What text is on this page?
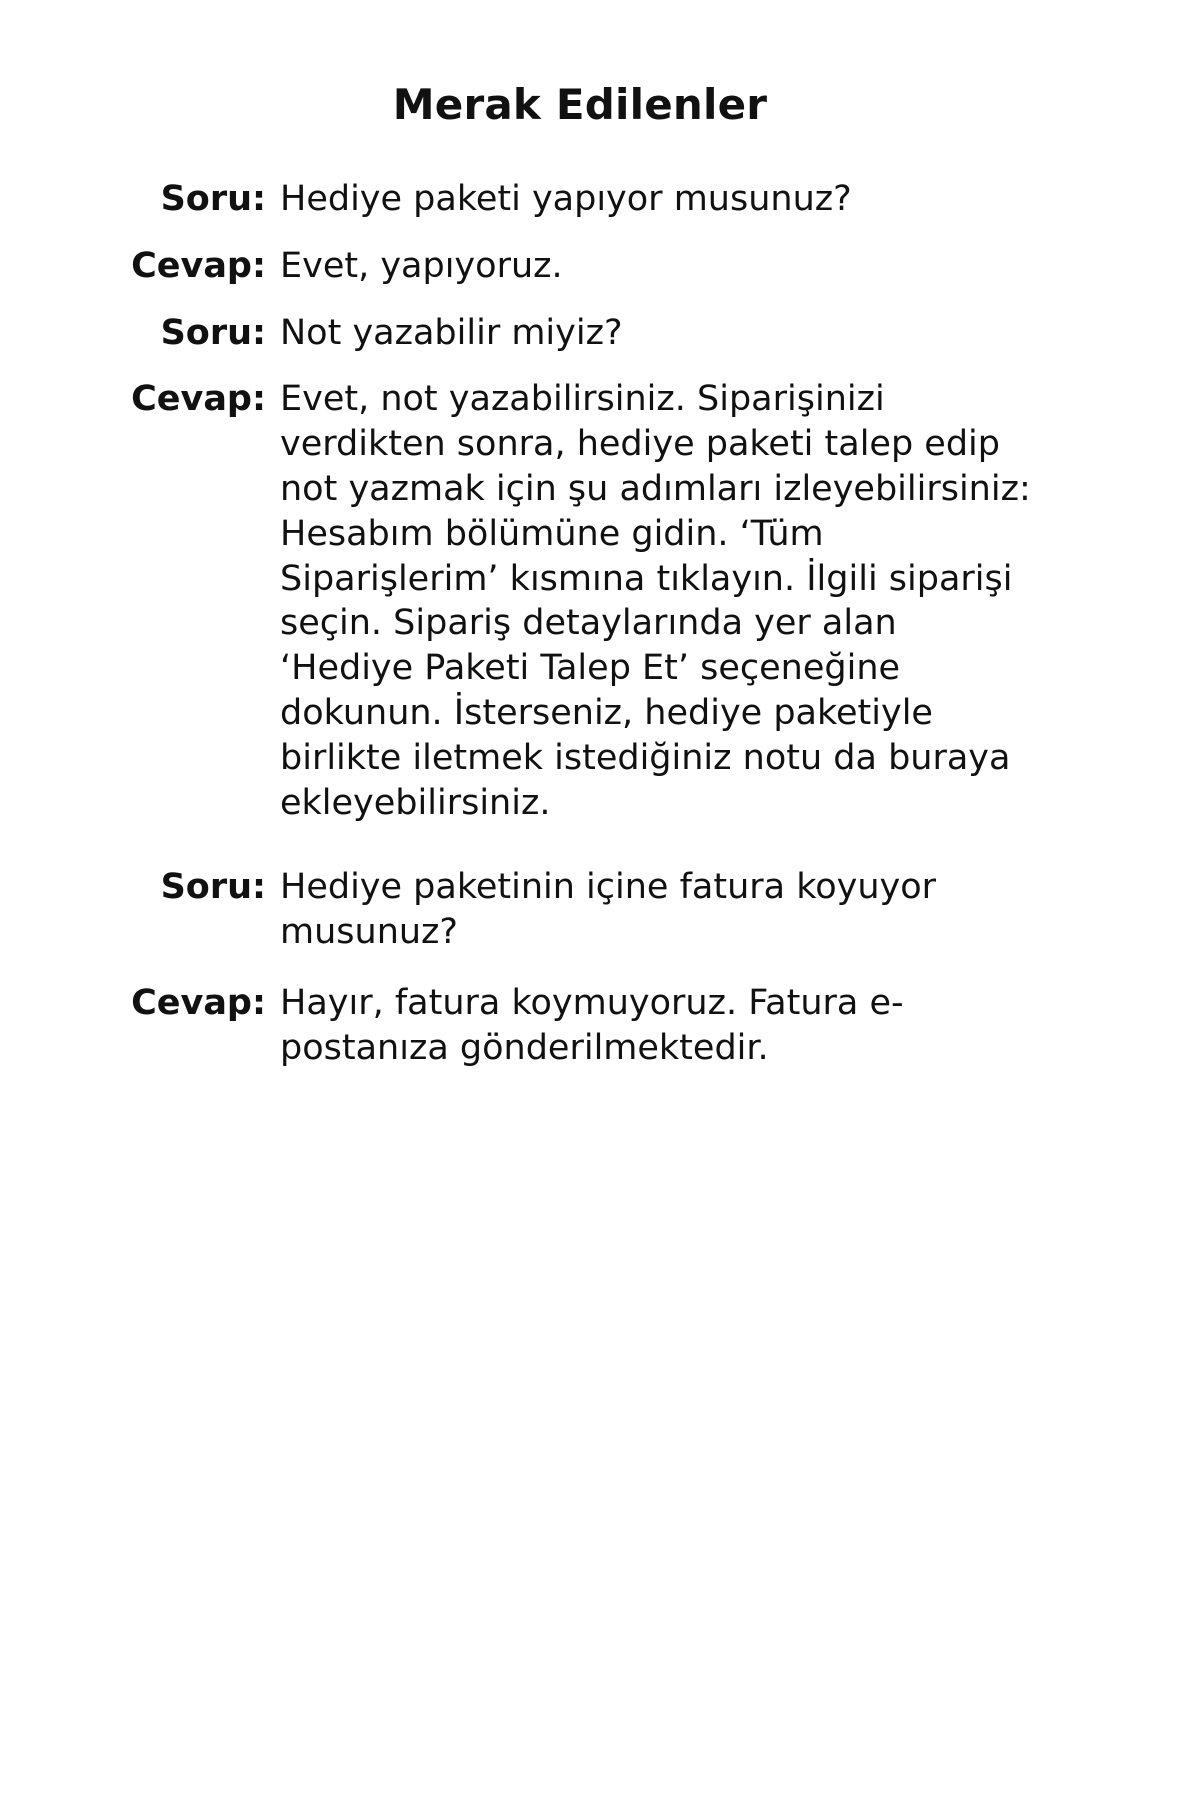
Merak Edilenler
Soru: Hediye paketi yapıyor musunuz?
Cevap: Evet, yapıyoruz.
Soru: Not yazabilir miyiz?
Cevap: Evet, not yazabilirsiniz. Siparişinizi verdikten sonra, hediye paketi talep edip not yazmak için şu adımları izleyebilirsiniz: Hesabım bölümüne gidin. ‘Tüm Siparişlerim’ kısmına tıklayın. İlgili siparişi seçin. Sipariş detaylarında yer alan ‘Hediye Paketi Talep Et’ seçeneğine dokunun. İsterseniz, hediye paketiyle birlikte iletmek istediğiniz notu da buraya ekleyebilirsiniz.
Soru: Hediye paketinin içine fatura koyuyor musunuz?
Cevap: Hayır, fatura koymuyoruz. Fatura e-postanıza gönderilmektedir.
